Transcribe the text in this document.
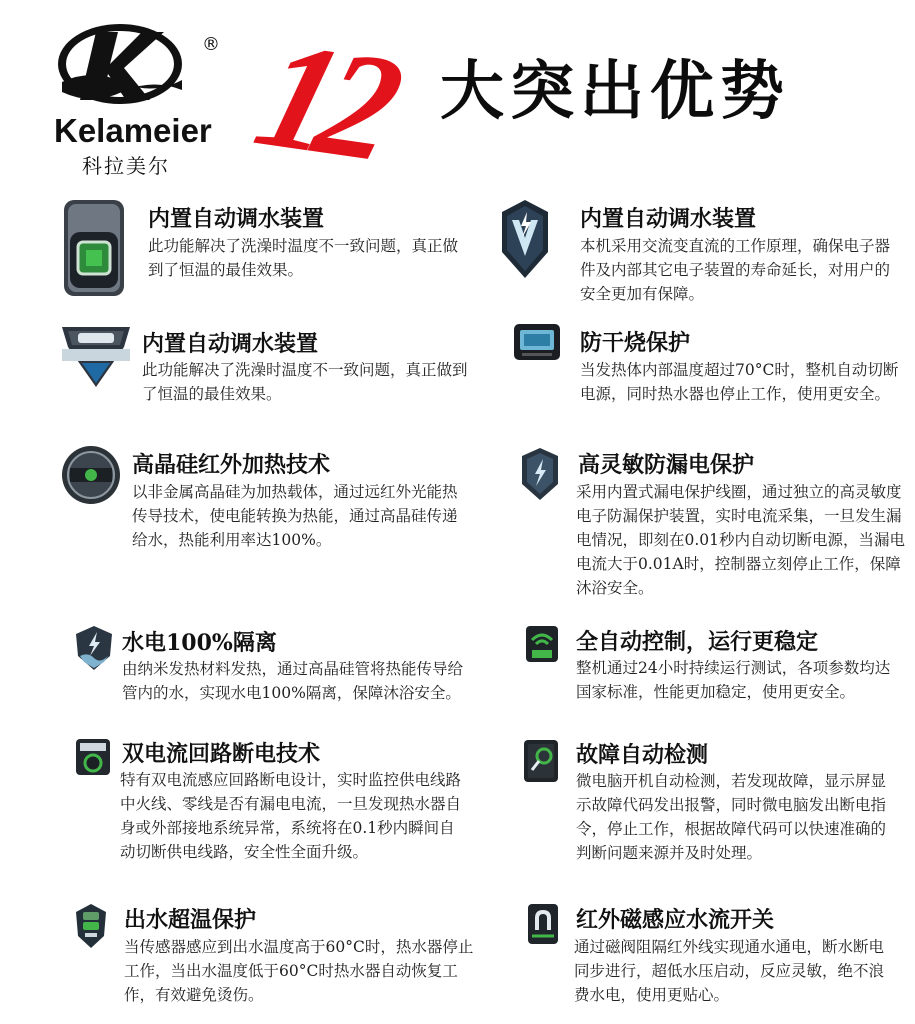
®
Kelameier
科拉美尔 12 大突出优势
内置自动调水装置
此功能解决了洗澡时温度不一致问题，真正做到了恒温的最佳效果。
内置自动调水装置
本机采用交流变直流的工作原理，确保电子器件及内部其它电子装置的寿命延长，对用户的安全更加有保障。
内置自动调水装置
此功能解决了洗澡时温度不一致问题，真正做到了恒温的最佳效果。
防干烧保护
当发热体内部温度超过70°C时，整机自动切断电源，同时热水器也停止工作，使用更安全。
高晶硅红外加热技术
以非金属高晶硅为加热载体，通过远红外光能热传导技术，使电能转换为热能，通过高晶硅传递给水，热能利用率达100%。
高灵敏防漏电保护
采用内置式漏电保护线圈，通过独立的高灵敏度电子防漏保护装置，实时电流采集，一旦发生漏电情况，即刻在0.01秒内自动切断电源，当漏电电流大于0.01A时，控制器立刻停止工作，保障沐浴安全。
水电100%隔离
由纳米发热材料发热，通过高晶硅管将热能传导给管内的水，实现水电100%隔离，保障沐浴安全。
全自动控制，运行更稳定
整机通过24小时持续运行测试，各项参数均达国家标准，性能更加稳定，使用更安全。
双电流回路断电技术
特有双电流感应回路断电设计，实时监控供电线路中火线、零线是否有漏电电流，一旦发现热水器自身或外部接地系统异常，系统将在0.1秒内瞬间自动切断供电线路，安全性全面升级。
故障自动检测
微电脑开机自动检测，若发现故障，显示屏显示故障代码发出报警，同时微电脑发出断电指令，停止工作，根据故障代码可以快速准确的判断问题来源并及时处理。
出水超温保护
当传感器感应到出水温度高于60°C时，热水器停止工作，当出水温度低于60°C时热水器自动恢复工作，有效避免烫伤。
红外磁感应水流开关
通过磁阀阻隔红外线实现通水通电，断水断电同步进行，超低水压启动，反应灵敏，绝不浪费水电，使用更贴心。
